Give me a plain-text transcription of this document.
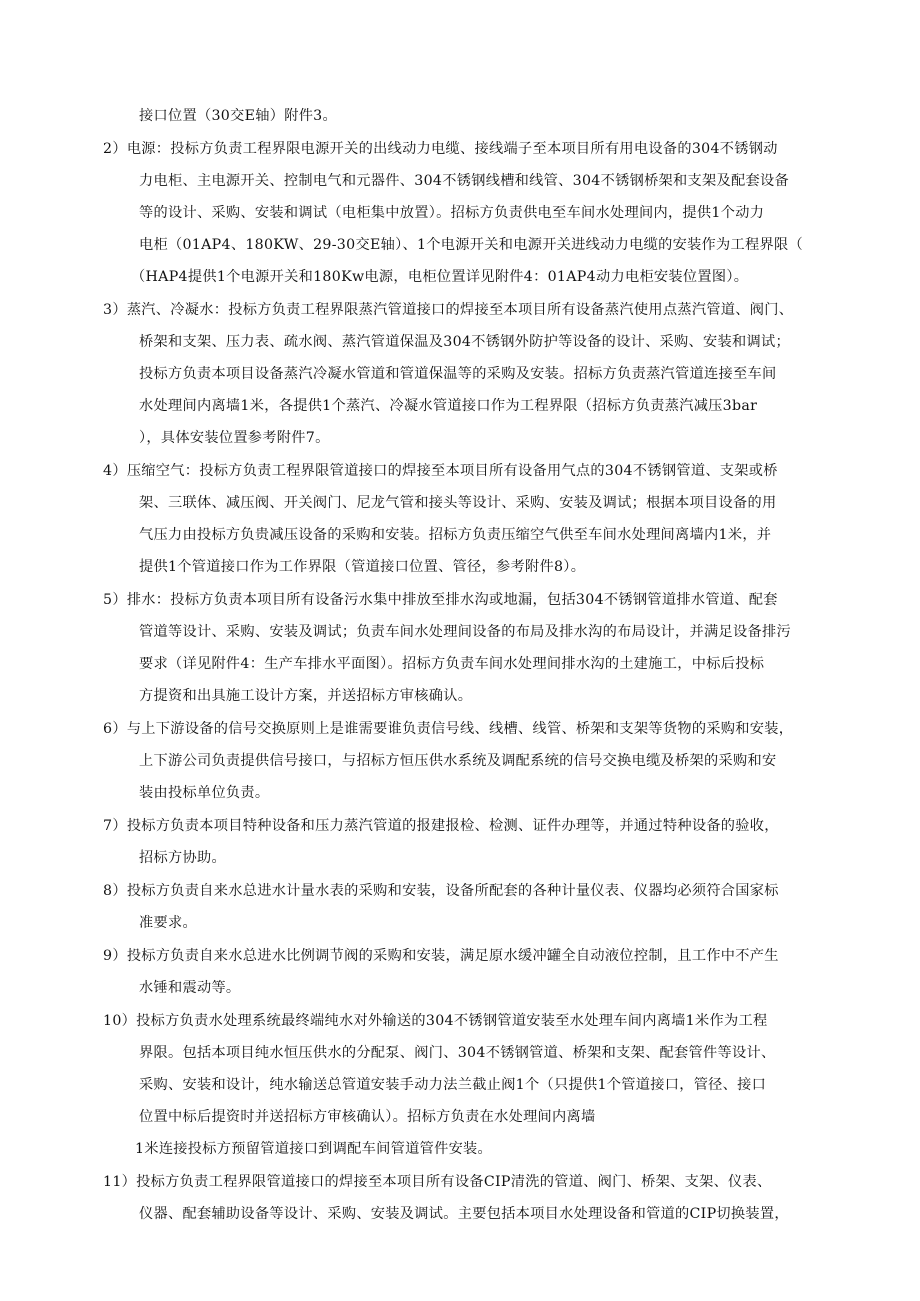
接口位置（30交E轴）附件3。
2）电源：投标方负责工程界限电源开关的出线动力电缆、接线端子至本项目所有用电设备的304不锈钢动
力电柜、主电源开关、控制电气和元器件、304不锈钢线槽和线管、304不锈钢桥架和支架及配套设备
等的设计、采购、安装和调试（电柜集中放置）。招标方负责供电至车间水处理间内，提供1个动力
电柜（01AP4、180KW、29-30交E轴）、1个电源开关和电源开关进线动力电缆的安装作为工程界限（
（HAP4提供1个电源开关和180Kw电源，电柜位置详见附件4：01AP4动力电柜安装位置图）。
3）蒸汽、冷凝水：投标方负责工程界限蒸汽管道接口的焊接至本项目所有设备蒸汽使用点蒸汽管道、阀门、
桥架和支架、压力表、疏水阀、蒸汽管道保温及304不锈钢外防护等设备的设计、采购、安装和调试；
投标方负责本项目设备蒸汽冷凝水管道和管道保温等的采购及安装。招标方负责蒸汽管道连接至车间
水处理间内离墙1米，各提供1个蒸汽、冷凝水管道接口作为工程界限（招标方负责蒸汽减压3bar
），具体安装位置参考附件7。
4）压缩空气：投标方负责工程界限管道接口的焊接至本项目所有设备用气点的304不锈钢管道、支架或桥
架、三联体、减压阀、开关阀门、尼龙气管和接头等设计、采购、安装及调试；根据本项目设备的用
气压力由投标方负贵减压设备的采购和安装。招标方负责压缩空气供至车间水处理间离墙内1米，并
提供1个管道接口作为工作界限（管道接口位置、管径，参考附件8）。
5）排水：投标方负责本项目所有设备污水集中排放至排水沟或地漏，包括304不锈钢管道排水管道、配套
管道等设计、采购、安装及调试；负责车间水处理间设备的布局及排水沟的布局设计，并满足设备排污
要求（详见附件4：生产车排水平面图）。招标方负责车间水处理间排水沟的土建施工，中标后投标
方提资和出具施工设计方案，并送招标方审核确认。
6）与上下游设备的信号交换原则上是谁需要谁负责信号线、线槽、线管、桥架和支架等货物的采购和安装，
上下游公司负责提供信号接口，与招标方恒压供水系统及调配系统的信号交换电缆及桥架的采购和安
装由投标单位负责。
7）投标方负责本项目特种设备和压力蒸汽管道的报建报检、检测、证件办理等，并通过特种设备的验收，
招标方协助。
8）投标方负责自来水总进水计量水表的采购和安装，设备所配套的各种计量仪表、仪器均必须符合国家标
准要求。
9）投标方负责自来水总进水比例调节阀的采购和安装，满足原水缓冲罐全自动液位控制，且工作中不产生
水锤和震动等。
10）投标方负责水处理系统最终端纯水对外输送的304不锈钢管道安装至水处理车间内离墙1米作为工程
界限。包括本项目纯水恒压供水的分配泵、阀门、304不锈钢管道、桥架和支架、配套管件等设计、
采购、安装和设计，纯水输送总管道安装手动力法兰截止阀1个（只提供1个管道接口，管径、接口
位置中标后提资时并送招标方审核确认）。招标方负责在水处理间内离墙
1米连接投标方预留管道接口到调配车间管道管件安装。
11）投标方负责工程界限管道接口的焊接至本项目所有设备CIP清洗的管道、阀门、桥架、支架、仪表、
仪器、配套辅助设备等设计、采购、安装及调试。主要包括本项目水处理设备和管道的CIP切换装置，
